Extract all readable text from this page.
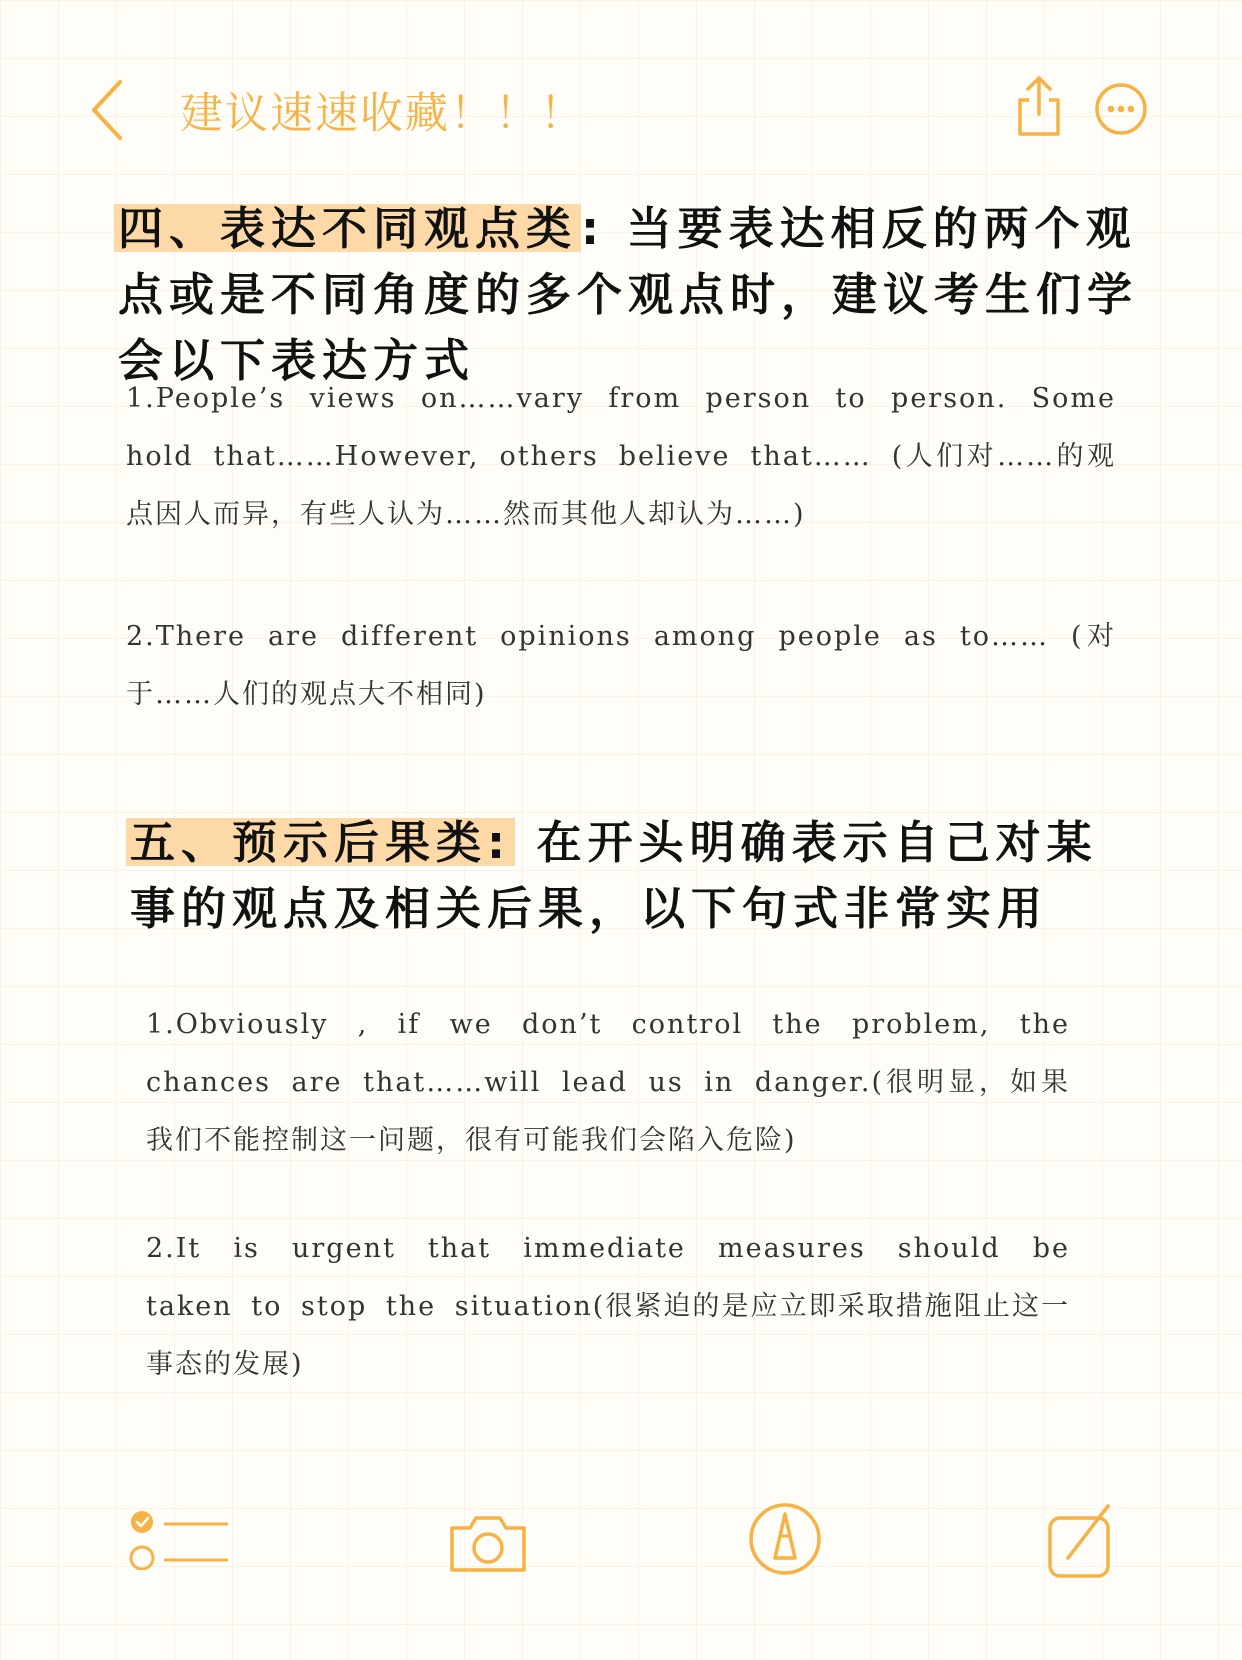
建议速速收藏！！！
四、表达不同观点类: 当要表达相反的两个观点或是不同角度的多个观点时，建议考生们学会以下表达方式
1.People’s views on……vary from person to person. Some hold that……However, others believe that…… (人们对……的观点因人而异，有些人认为……然而其他人却认为……)
2.There are different opinions among people as to…… (对于……人们的观点大不相同)
五、预示后果类: 在开头明确表示自己对某事的观点及相关后果，以下句式非常实用
1.Obviously , if we don’t control the problem, the chances are that……will lead us in danger.(很明显，如果我们不能控制这一问题，很有可能我们会陷入危险)
2.It is urgent that immediate measures should be taken to stop the situation(很紧迫的是应立即采取措施阻止这一事态的发展)
